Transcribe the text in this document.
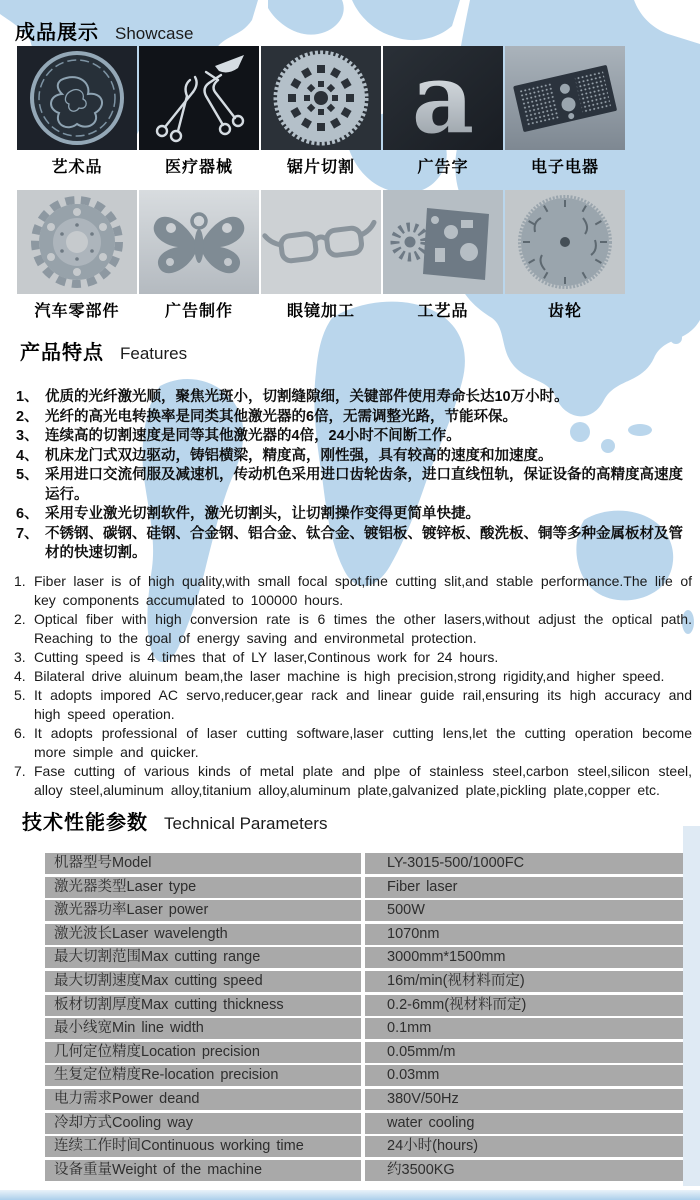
成品展示 Showcase
a
艺术品	医疗器械	锯片切割	广告字	电子电器
汽车零部件	广告制作	眼镜加工	工艺品	齿轮
产品特点 Features
1、 优质的光纤激光顺，聚焦光斑小，切割缝隙细，关键部件使用寿命长达10万小时。
2、 光纤的高光电转换率是同类其他激光器的6倍，无需调整光路，节能环保。
3、 连续高的切割速度是同等其他激光器的4倍，24小时不间断工作。
4、 机床龙门式双边驱动，铸铝横梁，精度高，刚性强，具有较高的速度和加速度。
5、 采用进口交流伺服及减速机，传动机色采用进口齿轮齿条，进口直线忸轨，保证设备的高精度高速度运行。
6、 采用专业激光切割软件，激光切割头，让切割操作变得更简单快捷。
7、 不锈钢、碳钢、硅钢、合金钢、铝合金、钛合金、镀铝板、镀锌板、酸洗板、铜等多种金属板材及管材的快速切割。
1. Fiber laser is of high quality,with small focal spot,fine cutting slit,and stable performance.The life of key components accumulated to 100000 hours.
2. Optical fiber with high conversion rate is 6 times the other lasers,without adjust the optical path. Reaching to the goal of energy saving and environmetal protection.
3. Cutting speed is 4 times that of LY laser,Continous work for 24 hours.
4. Bilateral drive aluinum beam,the laser machine is high precision,strong rigidity,and higher speed.
5. It adopts impored AC servo,reducer,gear rack and linear guide rail,ensuring its high accuracy and high speed operation.
6. It adopts professional of laser cutting software,laser cutting lens,let the cutting operation become more simple and quicker.
7. Fase cutting of various kinds of metal plate and plpe of stainless steel,carbon steel,silicon steel, alloy steel,aluminum alloy,titanium alloy,aluminum plate,galvanized plate,pickling plate,copper etc.
技术性能参数 Technical Parameters
机器型号Model	LY-3015-500/1000FC
激光器类型Laser type	Fiber laser
激光器功率Laser power	500W
激光波长Laser wavelength	1070nm
最大切割范围Max cutting range	3000mm*1500mm
最大切割速度Max cutting speed	16m/min(视材料而定)
板材切割厚度Max cutting thickness	0.2-6mm(视材料而定)
最小线宽Min line width	0.1mm
几何定位精度Location precision	0.05mm/m
生复定位精度Re-location precision	0.03mm
电力需求Power deand	380V/50Hz
冷却方式Cooling way	water cooling
连续工作时间Continuous working time	24小时(hours)
设备重量Weight of the machine	约3500KG
